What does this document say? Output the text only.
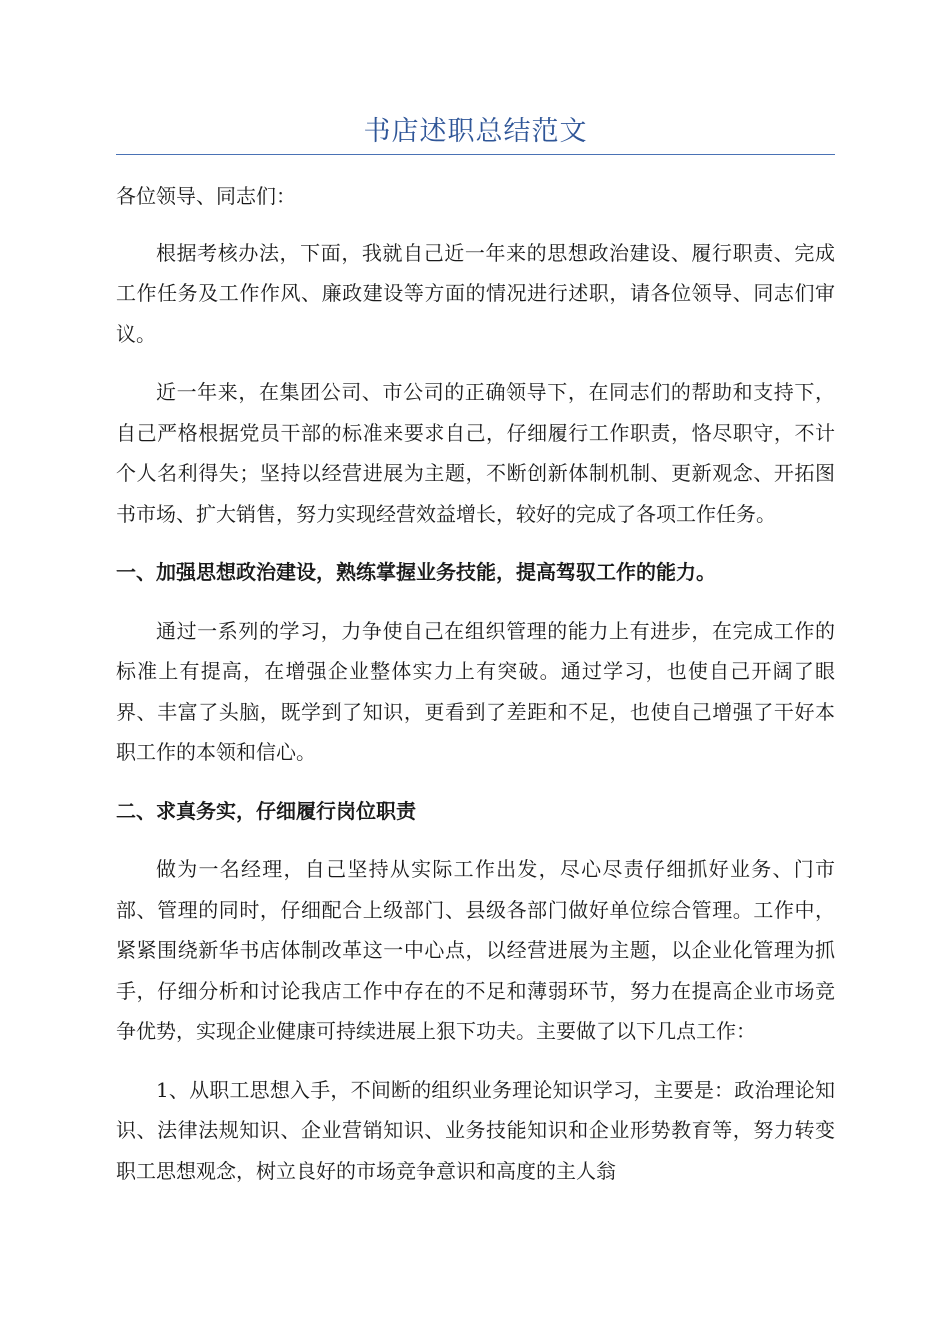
书店述职总结范文

各位领导、同志们：

根据考核办法，下面，我就自己近一年来的思想政治建设、履行职责、完成工作任务及工作作风、廉政建设等方面的情况进行述职，请各位领导、同志们审议。

近一年来，在集团公司、市公司的正确领导下，在同志们的帮助和支持下，自己严格根据党员干部的标准来要求自己，仔细履行工作职责，恪尽职守，不计个人名利得失；坚持以经营进展为主题，不断创新体制机制、更新观念、开拓图书市场、扩大销售，努力实现经营效益增长，较好的完成了各项工作任务。

一、加强思想政治建设，熟练掌握业务技能，提高驾驭工作的能力。

通过一系列的学习，力争使自己在组织管理的能力上有进步，在完成工作的标准上有提高，在增强企业整体实力上有突破。通过学习，也使自己开阔了眼界、丰富了头脑，既学到了知识，更看到了差距和不足，也使自己增强了干好本职工作的本领和信心。

二、求真务实，仔细履行岗位职责

做为一名经理，自己坚持从实际工作出发，尽心尽责仔细抓好业务、门市部、管理的同时，仔细配合上级部门、县级各部门做好单位综合管理。工作中，紧紧围绕新华书店体制改革这一中心点，以经营进展为主题，以企业化管理为抓手，仔细分析和讨论我店工作中存在的不足和薄弱环节，努力在提高企业市场竞争优势，实现企业健康可持续进展上狠下功夫。主要做了以下几点工作：

1、从职工思想入手，不间断的组织业务理论知识学习，主要是：政治理论知识、法律法规知识、企业营销知识、业务技能知识和企业形势教育等，努力转变职工思想观念，树立良好的市场竞争意识和高度的主人翁
